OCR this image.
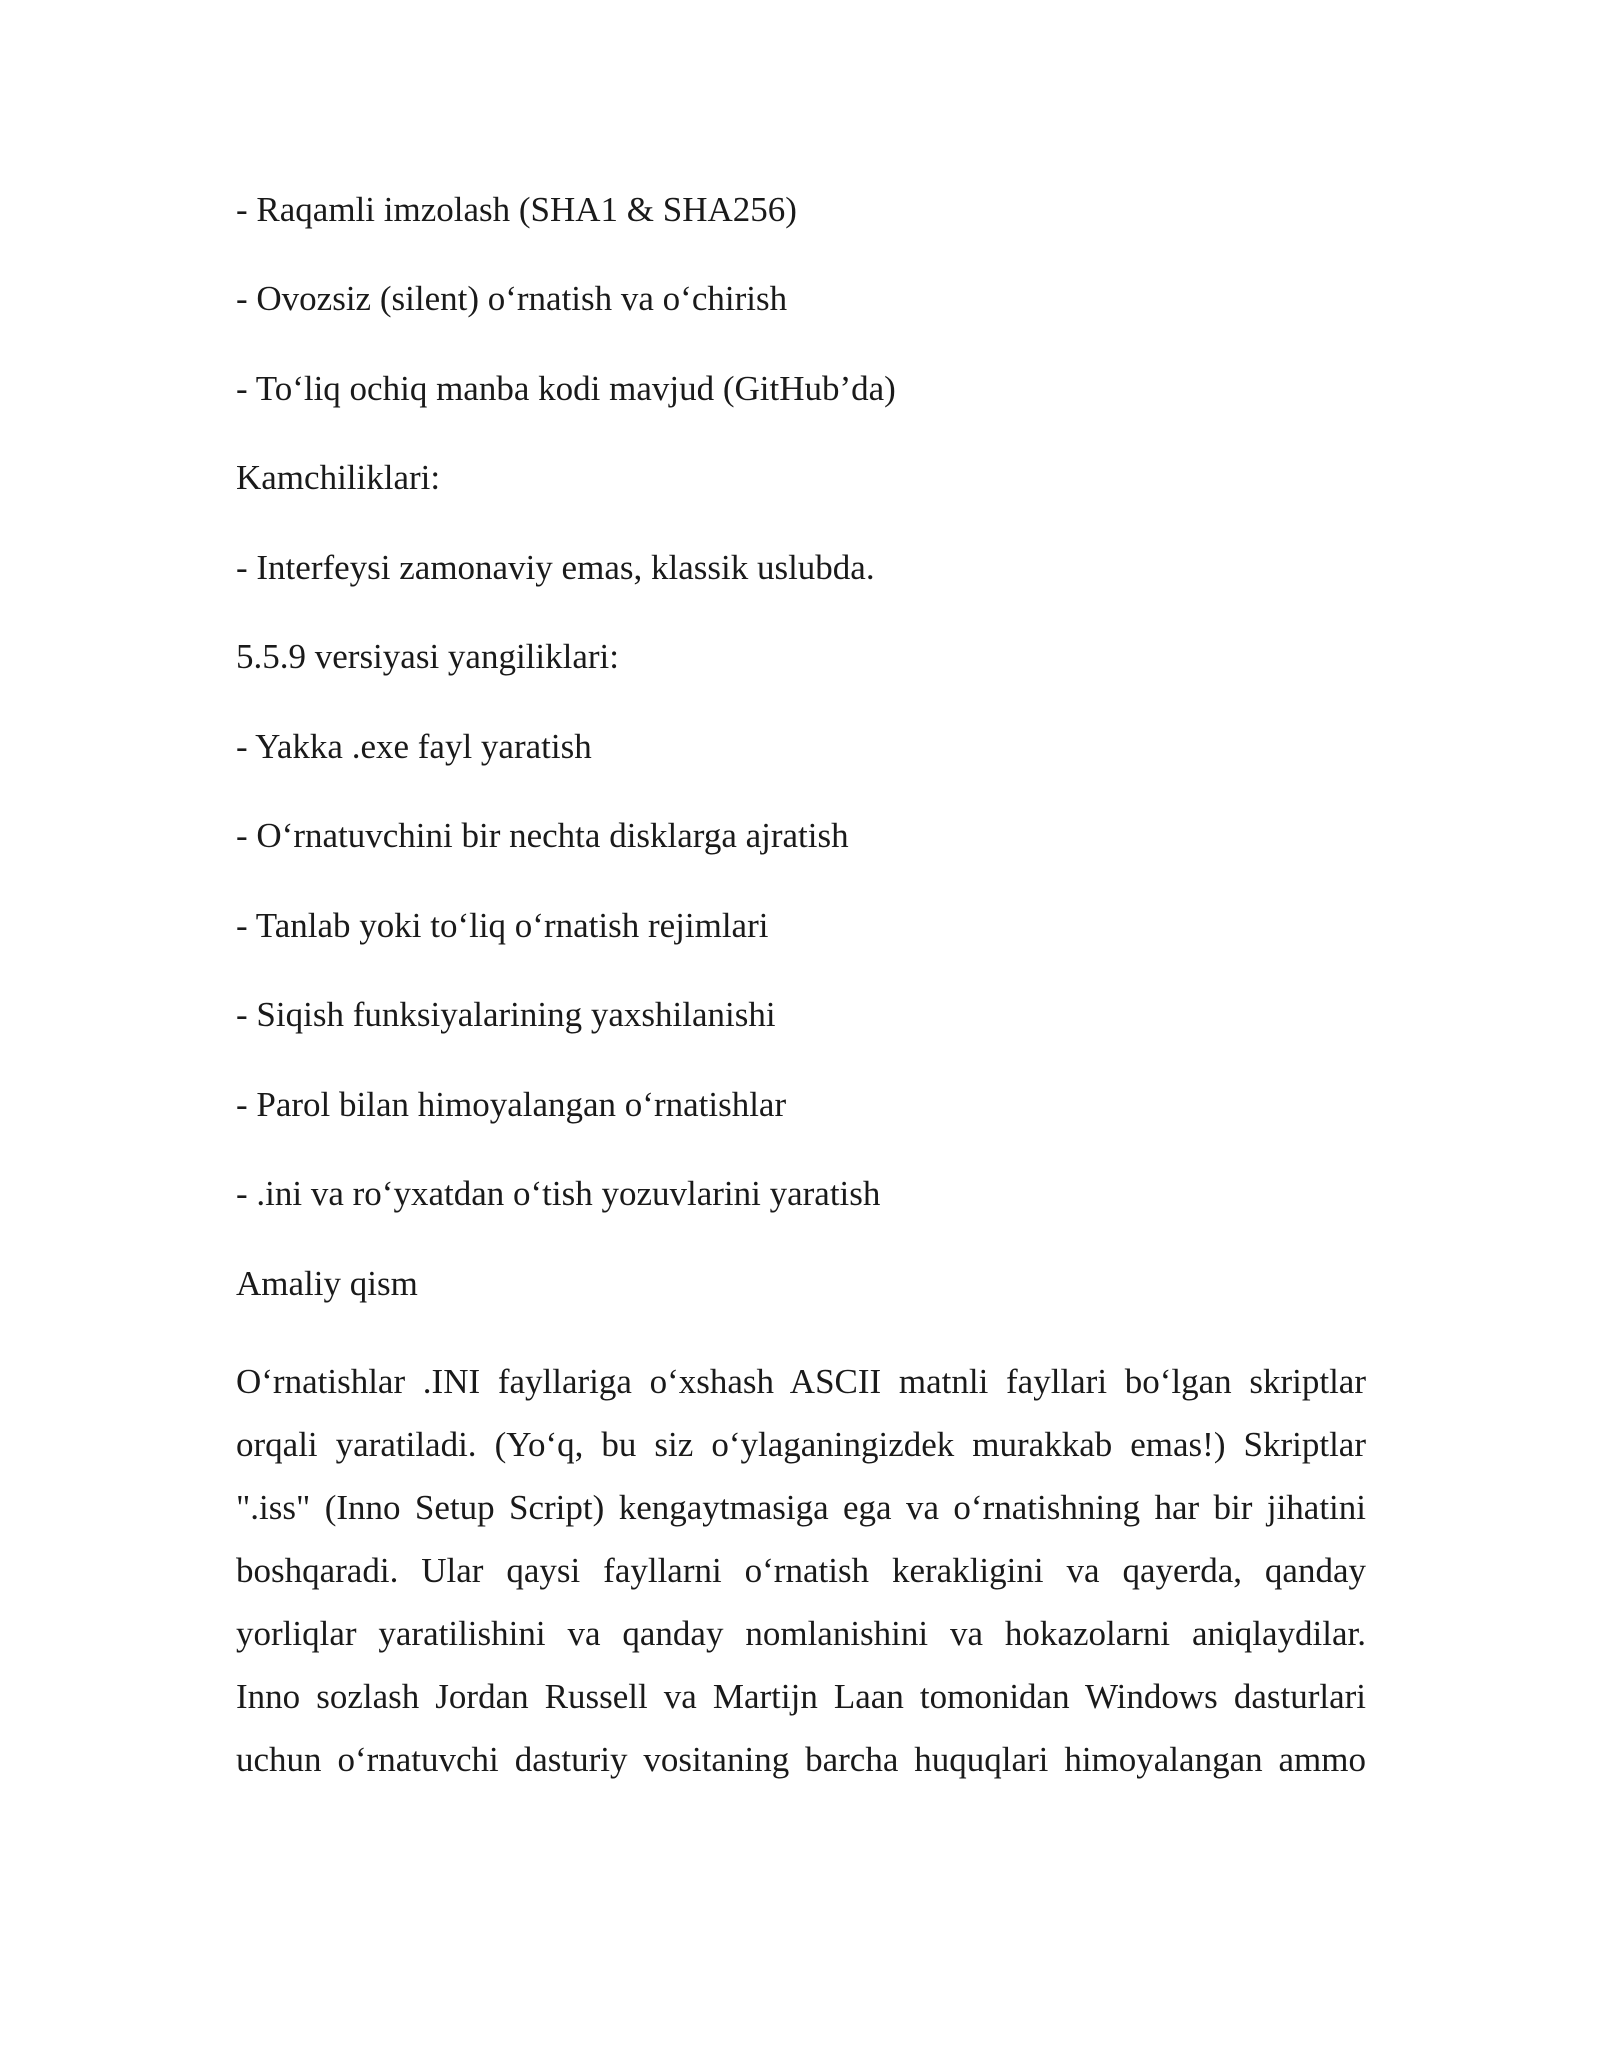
- Raqamli imzolash (SHA1 & SHA256)
- Ovozsiz (silent) o‘rnatish va o‘chirish
- To‘liq ochiq manba kodi mavjud (GitHub’da)
Kamchiliklari:
- Interfeysi zamonaviy emas, klassik uslubda.
5.5.9 versiyasi yangiliklari:
- Yakka .exe fayl yaratish
- O‘rnatuvchini bir nechta disklarga ajratish
- Tanlab yoki to‘liq o‘rnatish rejimlari
- Siqish funksiyalarining yaxshilanishi
- Parol bilan himoyalangan o‘rnatishlar
- .ini va ro‘yxatdan o‘tish yozuvlarini yaratish
Amaliy qism
O‘rnatishlar .INI fayllariga o‘xshash ASCII matnli fayllari bo‘lgan skriptlar
orqali yaratiladi. (Yo‘q, bu siz o‘ylaganingizdek murakkab emas!) Skriptlar
".iss" (Inno Setup Script) kengaytmasiga ega va o‘rnatishning har bir jihatini
boshqaradi. Ular qaysi fayllarni o‘rnatish kerakligini va qayerda, qanday
yorliqlar yaratilishini va qanday nomlanishini va hokazolarni aniqlaydilar.
Inno sozlash Jordan Russell va Martijn Laan tomonidan Windows dasturlari
uchun o‘rnatuvchi dasturiy vositaning barcha huquqlari himoyalangan ammo
